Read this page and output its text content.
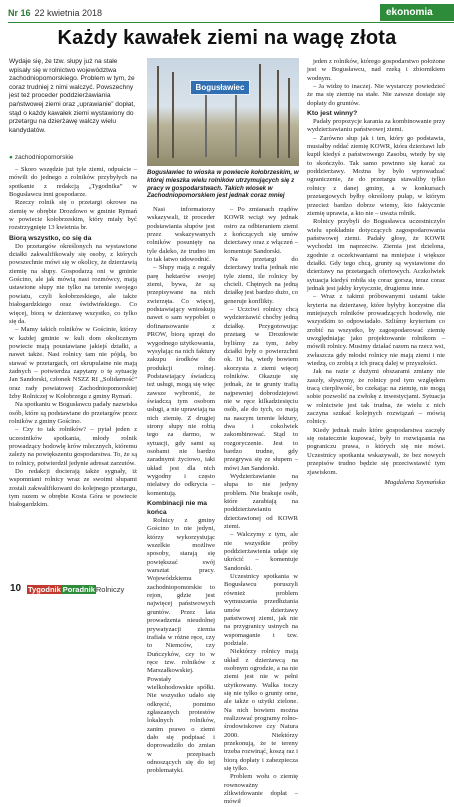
Nr 16 22 kwietnia 2018	ekonomia
Każdy kawałek ziemi na wagę złota
Wydaje się, że tzw. słupy już na stałe wpisały się w rolnictwo województwa zachodniopomorskiego. Problem w tym, że coraz trudniej z nimi walczyć. Powszechny jest też proceder poddzierżawiania państwowej ziemi oraz „uprawianie” dopłat, stąd o każdy kawałek ziemi wystawiony do przetargu na dzierżawę walczy wielu kandydatów.
Bogusławiec
Bogusławiec to wioska w powiecie kołobrzeskim, w której mieszka wielu rolników utrzymujących się z pracy w gospodarstwach. Takich wiosek w Zachodniopomorskiem jest jednak coraz mniej
● zachodniopomorskie

– Skoro wszędzie już tyle ziemi, odpuście – mówili do jednego z rolników przybyłych na spotkanie z redakcją „Tygodnika” w Bogusławcu inni gospodarze.

Rzeczy rolnik się o przetargi okrowe na ziemię w obrębie Drozdowo w gminie Rymań w powiecie kołobrzeskim, który miały być rozstrzygnięte 13 kwietnia br.

Biorą wszystko, co się da

Do przetargów określonych na wystawione działki zakwalifikowały się osoby, z których powszechnie mówi się w okolicy, że dzierżawią ziemię na słupy. Gospodarzą oni w gminie Gościno, ale jak mówią nasi rozmówcy, mają ustawione słupy nie tylko na terenie swojego powiatu, czyli kołobrzeskiego, ale także białogardzkiego oraz świdwińskiego. Co więcej, biorą w dzierżawę wszystko, co tylko się da.

– Mamy takich rolników w Gościnie, którzy w każdej gminie w kuli dom okolicznym powiecie mają poustawiane jakiejś działki, a nawet także. Nasi rolnicy tam nie pójdą, bo stawać w przetargach, ori skrupulatne nie mają żadnych – potwierdza zapytany o tę sytuację Jan Sandorski, członek NSZZ RI „Solidarność” oraz rady powiatowej Zachodniopomorskiej Izby Rolniczej w Kołobrzegu z gminy Rymań.

Na spotkaniu w Bogusławcu padały nazwiska osób, które są podstawiane do przetargów przez rolników z gminy Gościno.

– Czy to tak rolników? – pytał jeden z uczestników spotkania, młody rolnik prowadzący hodowlę krów mlecznych, któremu zależy na powiększeniu gospodarstwa. To, że są to rolnicy, potwierdził jedynie adresat zarzutów.

Do redakcji docierają także sygnały, iż wspomniani rolnicy wraz ze swoimi słupami zostali zakwalifikowani do kolejnego przetargu, tym razem w obrębie Kosta Góra w powiecie białogardzkim.

Nasi informatorzy wskazywali, iż proceder podstawiania słupów jest przez wskazywanych rolników posunięty na tyle daleko, że trudno im to tak łatwo udowodnić.

– Słupy mają z reguły parę hektarów swojej ziemi, bywa, że są przepisywane na nich zwierzęta. Co więcej, podstawiający wnioskują nawet o sam wypoblet o dofinansowanie z PROW, biorą sprzęt do wygodnego użytkowania, wysyłając na nich faktury zakupu środków do produkcji rolnej. Podstawiający świadczą też usługi, mogą się więc zawsze wybronić, że świadczą tym osobom usługi, a nie uprawiają na nich ziemię. Z drugiej strony słupy nie robią tego za darmo, w sytuacji, gdy sami są osobami nie bardzo zaradnymi życiowo, taki układ jest dla nich wygodny i często nielatwy do odkrycia – komentują.

Kombinacji nie ma końca

Rolnicy z gminy Gościno to nie jedyni, którzy wykorzystując wszelkie możliwe sposoby, starają się powiększać swój warsztat pracy. Wojewódzkiemu zachodniopomorskie to rejon, gdzie jest najwięcej państwowych gruntów. Przez lata prowadzenia nieudolnej prywatyzacji ziemia trafiała w różne ręce, czy to Niemców, czy Duńczyków, czy to w ręce tzw. rolników z Marszałkowskiej. Powstały wielkohodowskie spółki. Nie wszystko udało się odkręcić, pomimo zgłaszanych protestów lokalnych rolników, zanim prawo o ziemi dało się podpisać i doprowadziło do zmian w przepisach odnoszących się do tej problematyki.

– Po zmianach rządów KOWR wciąż wy jednak ostro za odbieraniem ziemi z kończących się umów dzierżawy oraz z włączeń – komentuje Sandorski.

Na przetargi do dzierżawy trafia jednak nie tyle ziemi, ile rolnicy by chcieli. Chętnych na jedną działkę jest bardzo dużo, co generuje konflikty.

– Uczciwi rolnicy chcą wydzierżawić choćby jedną działkę. Przygotowując przetarg w Drozdowie byliśmy za tym, żeby działki były o powierzchni ok. 10 ha, wtedy bowiem skorzysta z ziemi więcej rolników. Okazuje się jednak, że te grunty trafią najpewniej dobrodziejowi nie w ręce kilkadziesięciu osób, ale do tych, co mają na naszym terenie lektury, dwa i cokolwiek zakombinować. Stąd to rozgoryczenie. Jest to bardzo trudne, gdy przegrywa się ze słupem – mówi Jan Sandorski.

Wydzierżawianie na słupa to nie jedyny problem. Nie brakuje osób, które zarabiają na poddzierżawianiu dzierżawionej od KOWR ziemi.

– Walczymy z tym, ale nie wszystkie próby poddzierżawienia udaje się ukrócić – komentuje Sandorski.

Uczestnicy spotkania w Bogusławcu poruszyli również problem wymuszania przedłużania umów dzierżawy państwowej ziemi, jak nie na przygranicy ustnych na wspomaganie i tzw. podziale.

Niektórzy rolnicy mają układ z dzierżawcą na osobnym ogrodzie, a na nie ziemi jest nie w pełni użytkowany. Walka toczy się nie tylko o grunty orne, ale także o użytki zielone. Na nich bowiem można realizować programy rolno-środowiskowe czy Natura 2000. Niektórzy przekonują, że te tereny trzeba rozwinąć, koszą raz i biorą dopłaty i zabezpiecza się tylko.

Problem wołu o ziemię rownoważny zlikwidowanie dopłat – mówił

jeden z rolników, którego gospodarstwo położone jest w Bogusławcu, nad rzeką i zbiornikiem wodnym.

– Ja widzę to inaczej. Nie wystarczy powiedzieć że ma się ziemię na stałe. Nie zawsze dostaje się dopłaty do gruntów.

Kto jest winny?

Padały propozycje karania za kombinowanie przy wydzierżawianiu państwowej ziemi.

– Zarówno słup jak i ten, który go podstawia, musiałby oddać ziemię KOWR, która dzierżawi lub kupił kiedyś z państwowego Zasobu, wtedy by się to skończyło. Tak samo powinno się karać za poddzierżawy. Można by było wprowadzać ograniczenie, że do przetargu stawaliby tylko rolnicy z danej gminy, a w konkursach przetargowych byłby określony pułap, w którym przecież bardzo dobrze wiemy, kto faktycznie ziemię uprawia, a kto nie – uważa rolnik.

Rolnicy przybyli do Bogusławca uczestniczyło wielu spokładnie dotyczących zagospodarowania państwowej ziemi. Padały głosy, że KOWR wychodzi im naprzeciw. Ziemia jest dzielona, zgodnie z oczekiwaniami na mniejsze i większe działki. Gdy tego chcą, grunty są wystawione do dzierżawy na przetargach ofertowych. Aczkolwiek sytuacja kiedyś robiła się coraz gorsza, teraz coraz jednak jest jakby krytycznie, drugiemu inne.

– Wraz z takimi próbowanymi ustami takie kryteria na dzierżawę, które byłyby korzystne dla mniejszych rolników prowadzących hodowlę, nie wszystkim to odpowiadało. Szliśmy kryterium co zrobić na wszystko, by zagospodarować ziemię uwzględniając jako projektowanie rolnikom – mówili rolnicy. Musimy działać razem na rzecz wsi, zwłaszcza gdy młodsi rolnicy nie mają ziemi i nie wiedzą, co zrobią z ich pracą dalej w przyszłości.

Jak na razie z dużymi obszarami zmiany nie zaszły, słyszymy, że rolnicy pod tym względem tracą cierpliwość, bo czekając na ziemię, nie mogą sobie pozwolić na zwłokę z inwestycjami. Sytuacja w rolnictwie jest tak trudna, że wielu z nich zaczyna szukać kolejnych rozwiązań – mówią rolnicy.

Kiedy jednak mało które gospodarstwa zaczęły się ostatecznie kupować, były to rozwiązania na pograniczu prawa, o których się nie mówi. Uczestnicy spotkania wskazywali, że bez nowych przepisów trudno będzie się przeciwstawić tym zjawiskom.

Magdalena Szymańska

10 Tygodnik PoradnikRolniczy
